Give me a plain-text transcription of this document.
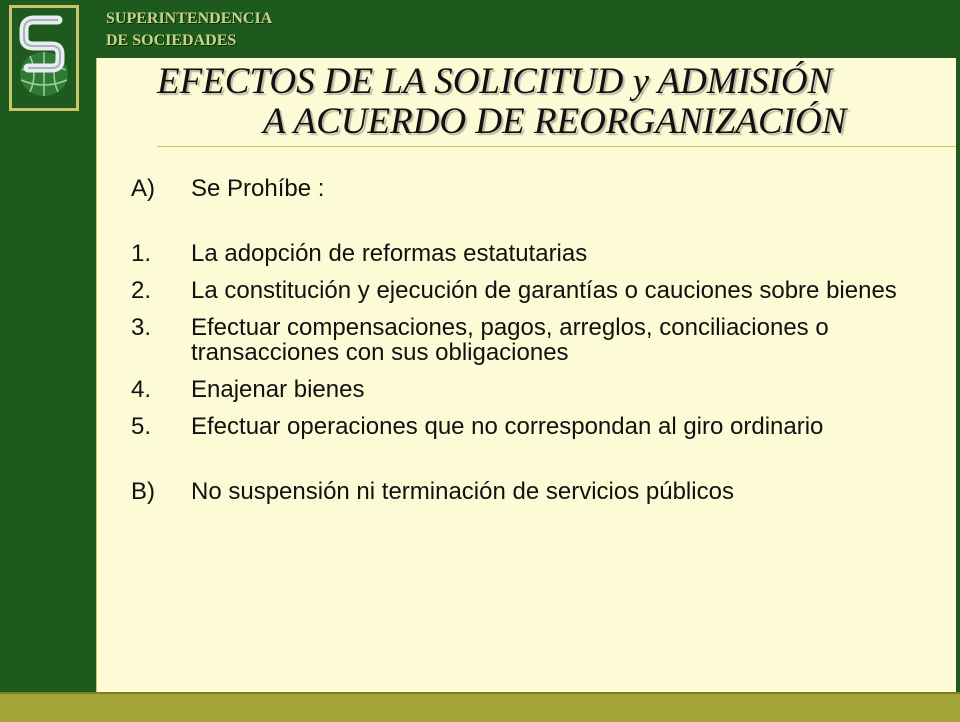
SUPERINTENDENCIA
DE SOCIEDADES
EFECTOS DE LA SOLICITUD y ADMISIÓN
A ACUERDO DE REORGANIZACIÓN
A)	Se Prohíbe :
1.	La adopción de reformas estatutarias
2.	La constitución y ejecución de garantías o cauciones sobre bienes
3.	Efectuar compensaciones, pagos, arreglos, conciliaciones o transacciones con sus obligaciones
4.	Enajenar bienes
5.	Efectuar operaciones que no correspondan al giro ordinario
B)	No suspensión ni terminación de servicios públicos
